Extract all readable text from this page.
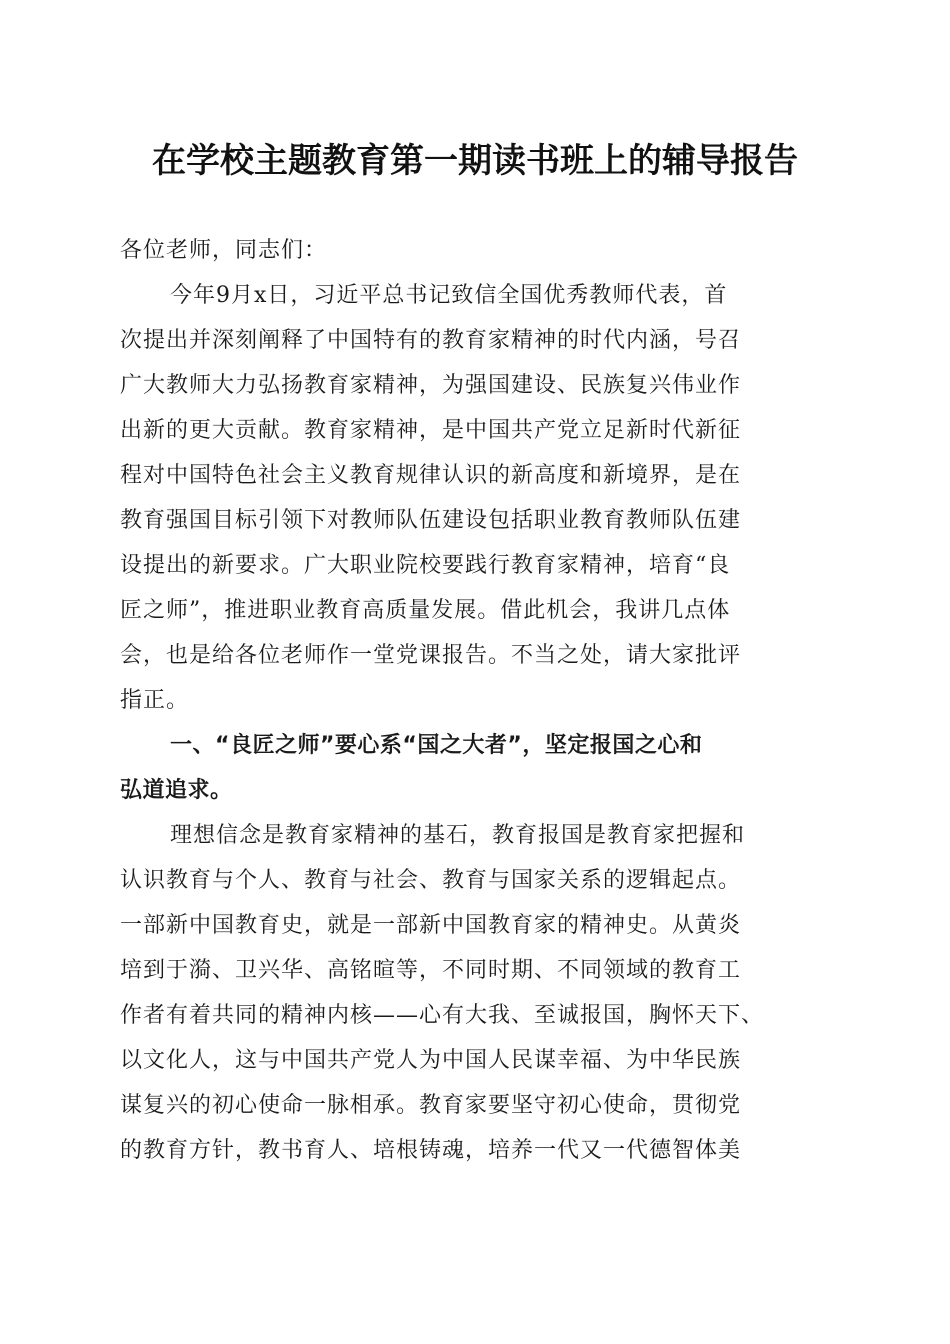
在学校主题教育第一期读书班上的辅导报告

各位老师，同志们：

今年9月x日，习近平总书记致信全国优秀教师代表，首
次提出并深刻阐释了中国特有的教育家精神的时代内涵，号召
广大教师大力弘扬教育家精神，为强国建设、民族复兴伟业作
出新的更大贡献。教育家精神，是中国共产党立足新时代新征
程对中国特色社会主义教育规律认识的新高度和新境界，是在
教育强国目标引领下对教师队伍建设包括职业教育教师队伍建
设提出的新要求。广大职业院校要践行教育家精神，培育“良
匠之师”，推进职业教育高质量发展。借此机会，我讲几点体
会，也是给各位老师作一堂党课报告。不当之处，请大家批评
指正。
一、“良匠之师”要心系“国之大者”，坚定报国之心和
弘道追求。
理想信念是教育家精神的基石，教育报国是教育家把握和
认识教育与个人、教育与社会、教育与国家关系的逻辑起点。
一部新中国教育史，就是一部新中国教育家的精神史。从黄炎
培到于漪、卫兴华、高铭暄等，不同时期、不同领域的教育工
作者有着共同的精神内核——心有大我、至诚报国，胸怀天下、
以文化人，这与中国共产党人为中国人民谋幸福、为中华民族
谋复兴的初心使命一脉相承。教育家要坚守初心使命，贯彻党
的教育方针，教书育人、培根铸魂，培养一代又一代德智体美
